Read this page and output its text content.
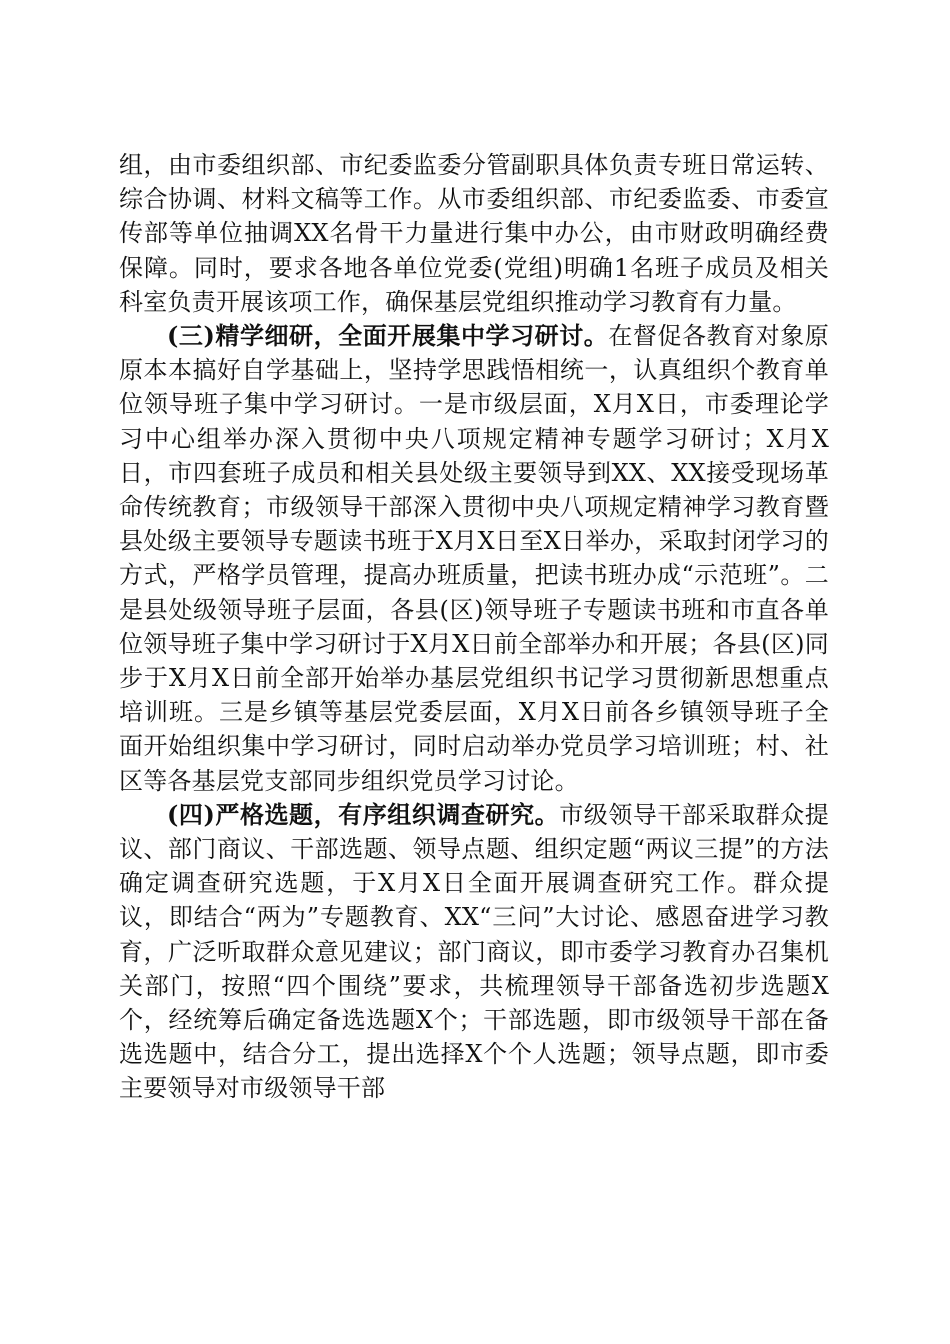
组，由市委组织部、市纪委监委分管副职具体负责专班日常运转、综合协调、材料文稿等工作。从市委组织部、市纪委监委、市委宣传部等单位抽调XX名骨干力量进行集中办公，由市财政明确经费保障。同时，要求各地各单位党委(党组)明确1名班子成员及相关科室负责开展该项工作，确保基层党组织推动学习教育有力量。

(三)精学细研，全面开展集中学习研讨。在督促各教育对象原原本本搞好自学基础上，坚持学思践悟相统一，认真组织个教育单位领导班子集中学习研讨。一是市级层面，X月X日，市委理论学习中心组举办深入贯彻中央八项规定精神专题学习研讨；X月X日，市四套班子成员和相关县处级主要领导到XX、XX接受现场革命传统教育；市级领导干部深入贯彻中央八项规定精神学习教育暨县处级主要领导专题读书班于X月X日至X日举办，采取封闭学习的方式，严格学员管理，提高办班质量，把读书班办成“示范班”。二是县处级领导班子层面，各县(区)领导班子专题读书班和市直各单位领导班子集中学习研讨于X月X日前全部举办和开展；各县(区)同步于X月X日前全部开始举办基层党组织书记学习贯彻新思想重点培训班。三是乡镇等基层党委层面，X月X日前各乡镇领导班子全面开始组织集中学习研讨，同时启动举办党员学习培训班；村、社区等各基层党支部同步组织党员学习讨论。

(四)严格选题，有序组织调查研究。市级领导干部采取群众提议、部门商议、干部选题、领导点题、组织定题“两议三提”的方法确定调查研究选题，于X月X日全面开展调查研究工作。群众提议，即结合“两为”专题教育、XX“三问”大讨论、感恩奋进学习教育，广泛听取群众意见建议；部门商议，即市委学习教育办召集机关部门，按照“四个围绕”要求，共梳理领导干部备选初步选题X个，经统筹后确定备选选题X个；干部选题，即市级领导干部在备选选题中，结合分工，提出选择X个个人选题；领导点题，即市委主要领导对市级领导干部
